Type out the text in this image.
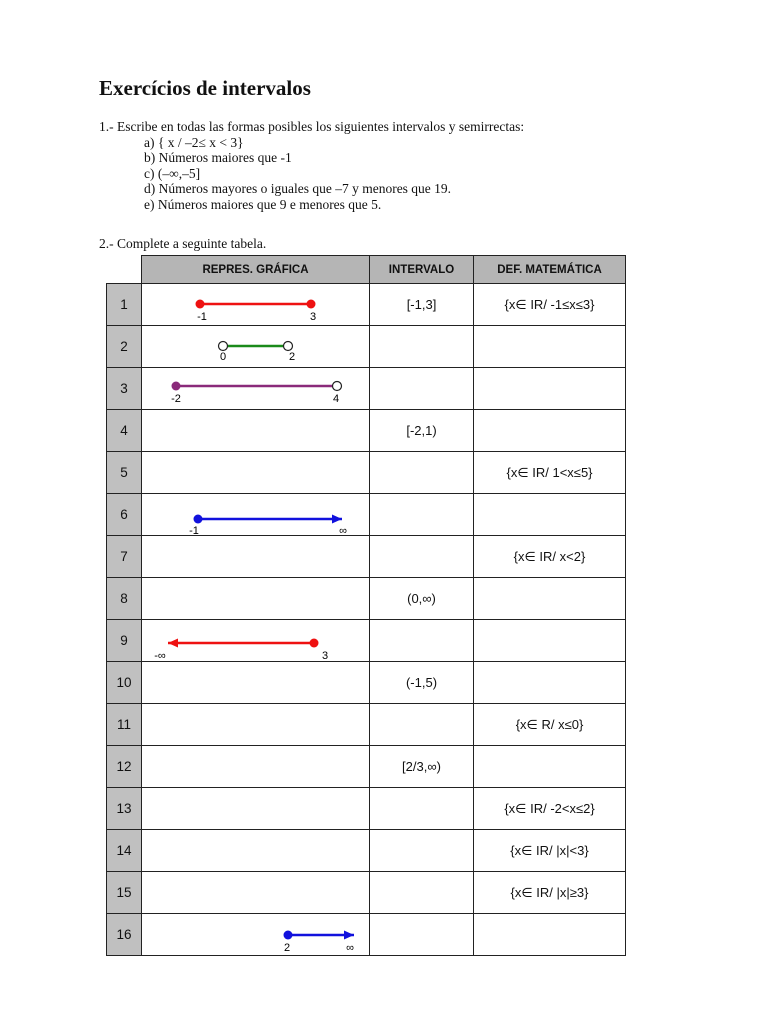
Exercícios de intervalos
1.- Escribe en todas las formas posibles los siguientes intervalos y semirrectas:
a) { x / –2≤ x < 3}
b) Números maiores que -1
c) (–∞,–5]
d) Números mayores o iguales que –7 y menores que 19.
e) Números maiores que 9 e menores que 5.
2.- Complete a seguinte tabela.
	REPRES. GRÁFICA	INTERVALO	DEF. MATEMÁTICA
1	-1 3	[-1,3]	{x∈ IR/ -1≤x≤3}
2	0 2		

3	-2 4		

4		[-2,1)	
5			{x∈ IR/ 1<x≤5}
6	-1 ∞		

7			{x∈ IR/ x<2}
8		(0,∞)	
9	-∞ 3		

10		(-1,5)	
11			{x∈ R/ x≤0}
12		[2/3,∞)	
13			{x∈ IR/ -2<x≤2}
14			{x∈ IR/ |x|<3}
15			{x∈ IR/ |x|≥3}
16	2 ∞		
